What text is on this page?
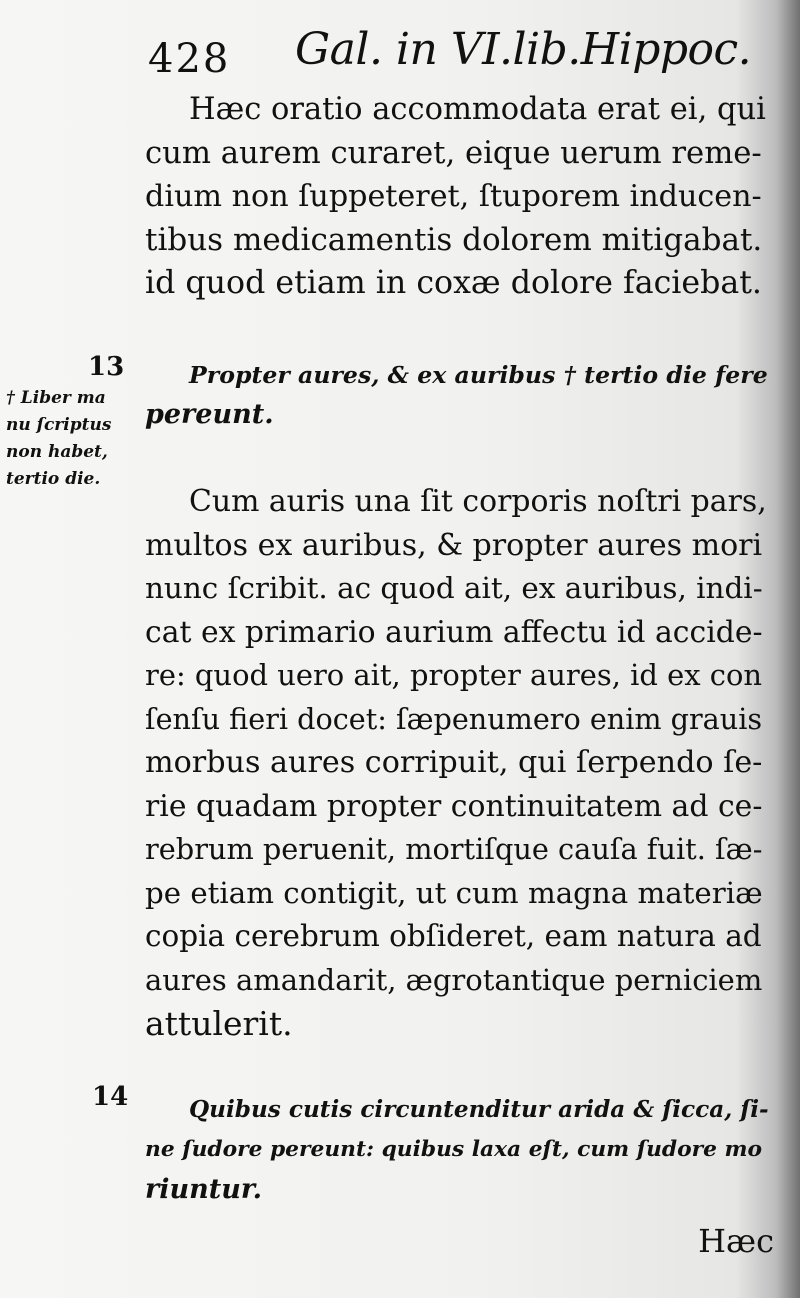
428 Gal. in VI.lib.Hippoc.
Hæc oratio accommodata erat ei, qui
cum aurem curaret, eique uerum reme-
dium non ſuppeteret, ſtuporem inducen-
tibus medicamentis dolorem mitigabat.
id quod etiam in coxæ dolore faciebat.
13	Propter aures, & ex auribus † tertio die fere
pereunt.
† Liber ma
nu ſcriptus
non habet,
tertio die.
Cum auris una ſit corporis noſtri pars,
multos ex auribus, & propter aures mori
nunc ſcribit. ac quod ait, ex auribus, indi-
cat ex primario aurium affectu id accide-
re: quod uero ait, propter aures, id ex con
ſenſu fieri docet: ſæpenumero enim grauis
morbus aures corripuit, qui ſerpendo ſe-
rie quadam propter continuitatem ad ce-
rebrum peruenit, mortiſque cauſa fuit. ſæ-
pe etiam contigit, ut cum magna materiæ
copia cerebrum obſideret, eam natura ad
aures amandarit, ægrotantique perniciem
attulerit.
14	Quibus cutis circuntenditur arida & ſicca, ſi-
ne ſudore pereunt: quibus laxa eſt, cum ſudore mo
riuntur.
Hæc
